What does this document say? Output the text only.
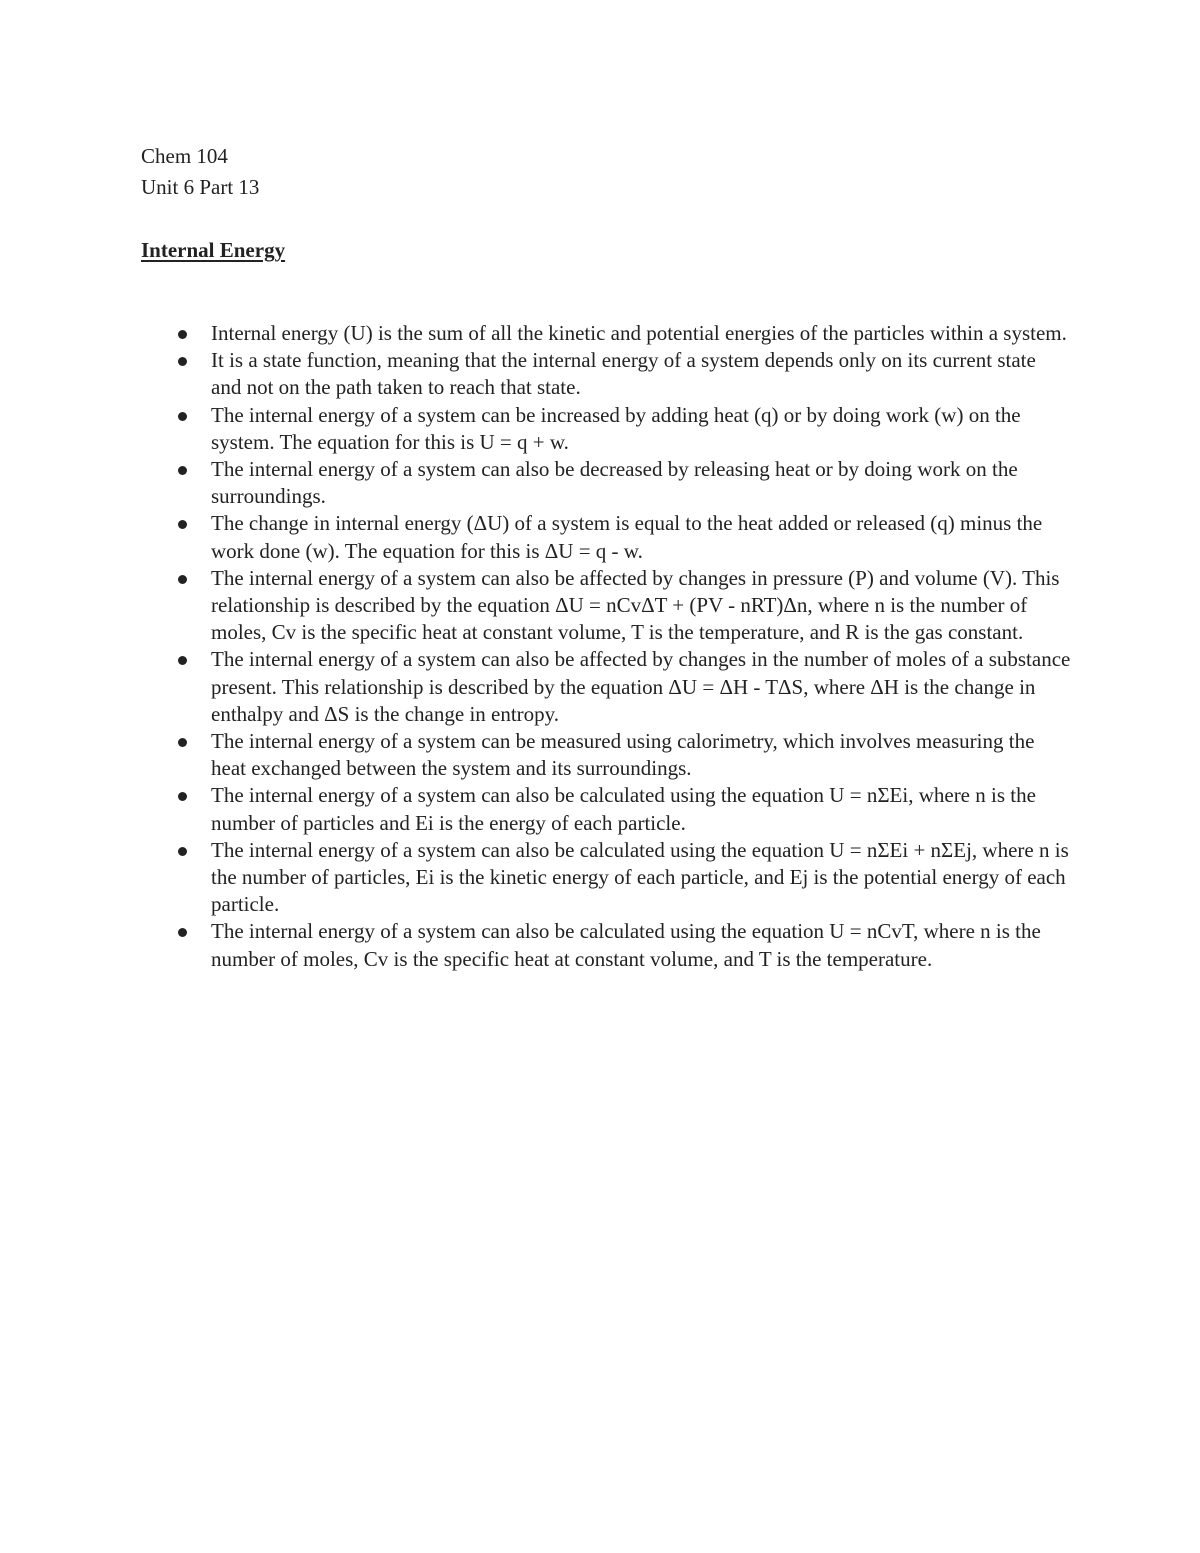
Chem 104
Unit 6 Part 13
Internal Energy
Internal energy (U) is the sum of all the kinetic and potential energies of the particles within a system.
It is a state function, meaning that the internal energy of a system depends only on its current state and not on the path taken to reach that state.
The internal energy of a system can be increased by adding heat (q) or by doing work (w) on the system. The equation for this is U = q + w.
The internal energy of a system can also be decreased by releasing heat or by doing work on the surroundings.
The change in internal energy (ΔU) of a system is equal to the heat added or released (q) minus the work done (w). The equation for this is ΔU = q - w.
The internal energy of a system can also be affected by changes in pressure (P) and volume (V). This relationship is described by the equation ΔU = nCvΔT + (PV - nRT)Δn, where n is the number of moles, Cv is the specific heat at constant volume, T is the temperature, and R is the gas constant.
The internal energy of a system can also be affected by changes in the number of moles of a substance present. This relationship is described by the equation ΔU = ΔH - TΔS, where ΔH is the change in enthalpy and ΔS is the change in entropy.
The internal energy of a system can be measured using calorimetry, which involves measuring the heat exchanged between the system and its surroundings.
The internal energy of a system can also be calculated using the equation U = nΣEi, where n is the number of particles and Ei is the energy of each particle.
The internal energy of a system can also be calculated using the equation U = nΣEi + nΣEj, where n is the number of particles, Ei is the kinetic energy of each particle, and Ej is the potential energy of each particle.
The internal energy of a system can also be calculated using the equation U = nCvT, where n is the number of moles, Cv is the specific heat at constant volume, and T is the temperature.
